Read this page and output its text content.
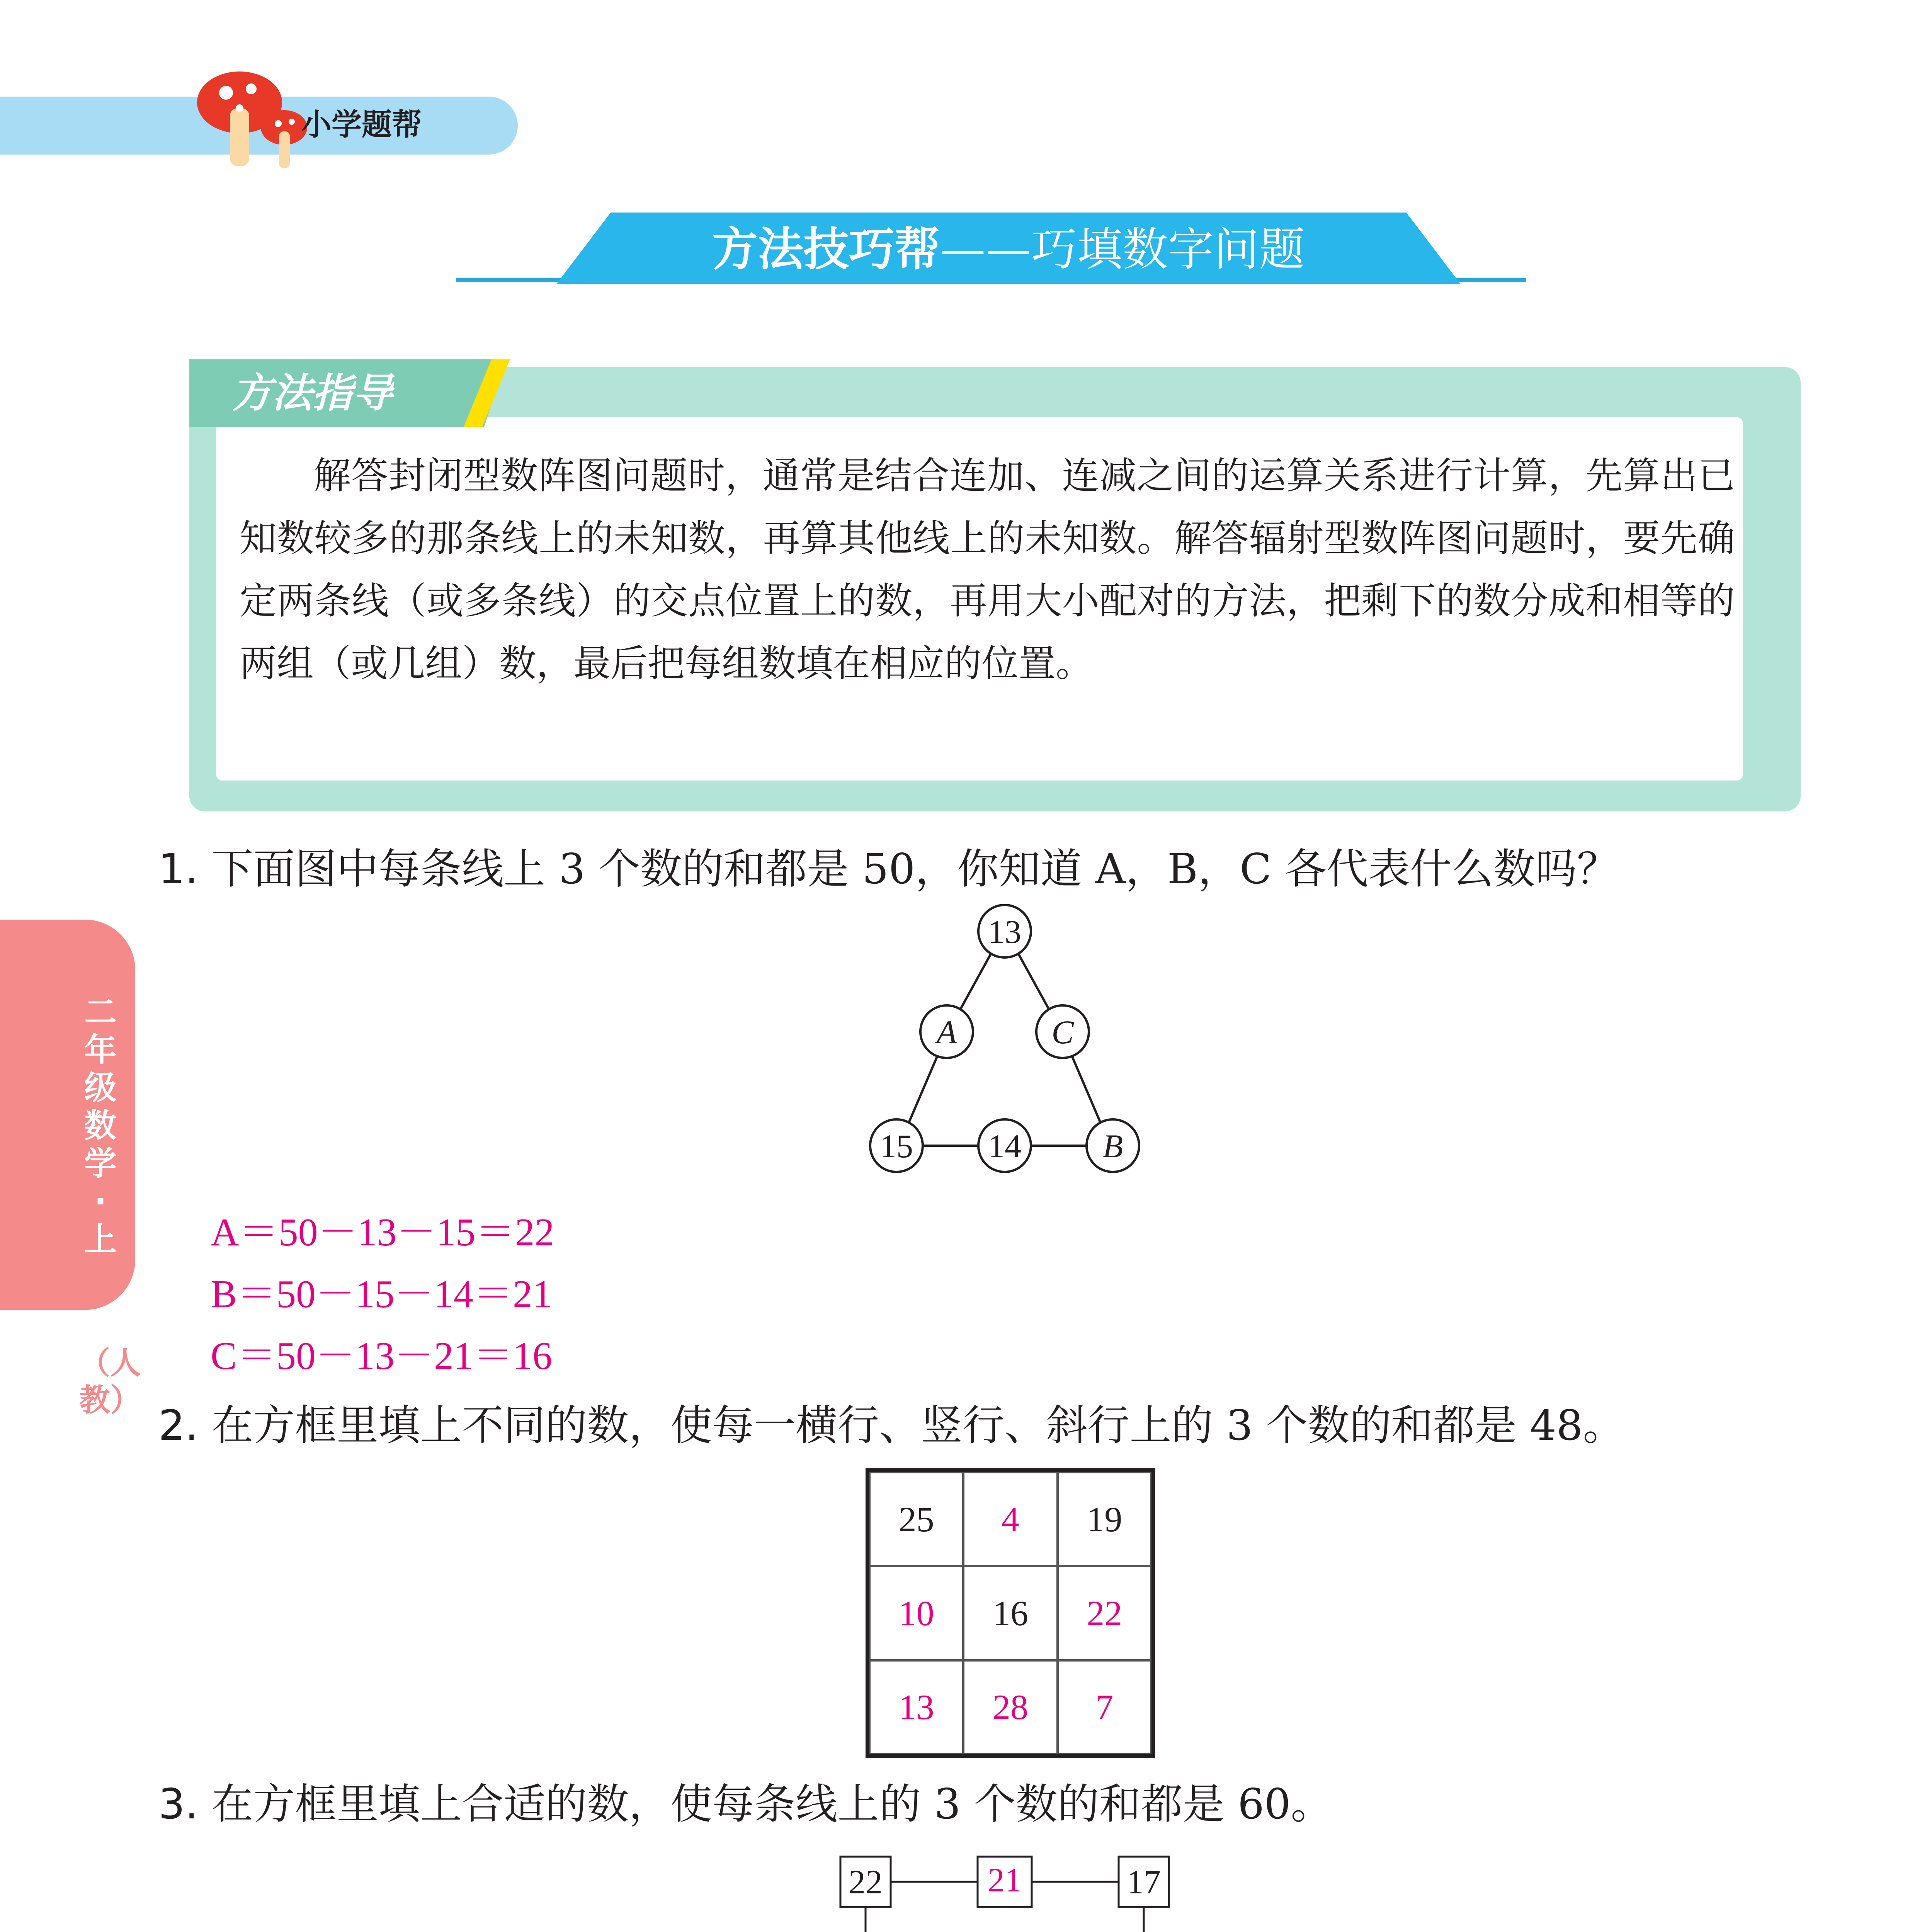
小学题帮
方法技巧帮——巧填数字问题
方法指导
解答封闭型数阵图问题时，通常是结合连加、连减之间的运算关系进行计算，先算出已知数较多的那条线上的未知数，再算其他线上的未知数。解答辐射型数阵图问题时，要先确定两条线（或多条线）的交点位置上的数，再用大小配对的方法，把剩下的数分成和相等的两组（或几组）数，最后把每组数填在相应的位置。
二年级数学·上
（人教）
1. 下面图中每条线上 3 个数的和都是 50，你知道 A，B，C 各代表什么数吗？
13
A	C
15 14 B
A＝50－13－15＝22
B＝50－15－14＝21
C＝50－13－21＝16
2. 在方框里填上不同的数，使每一横行、竖行、斜行上的 3 个数的和都是 48。
25	4	19
10	16	22
13	28	7
3. 在方框里填上合适的数，使每条线上的 3 个数的和都是 60。
22	21	17
